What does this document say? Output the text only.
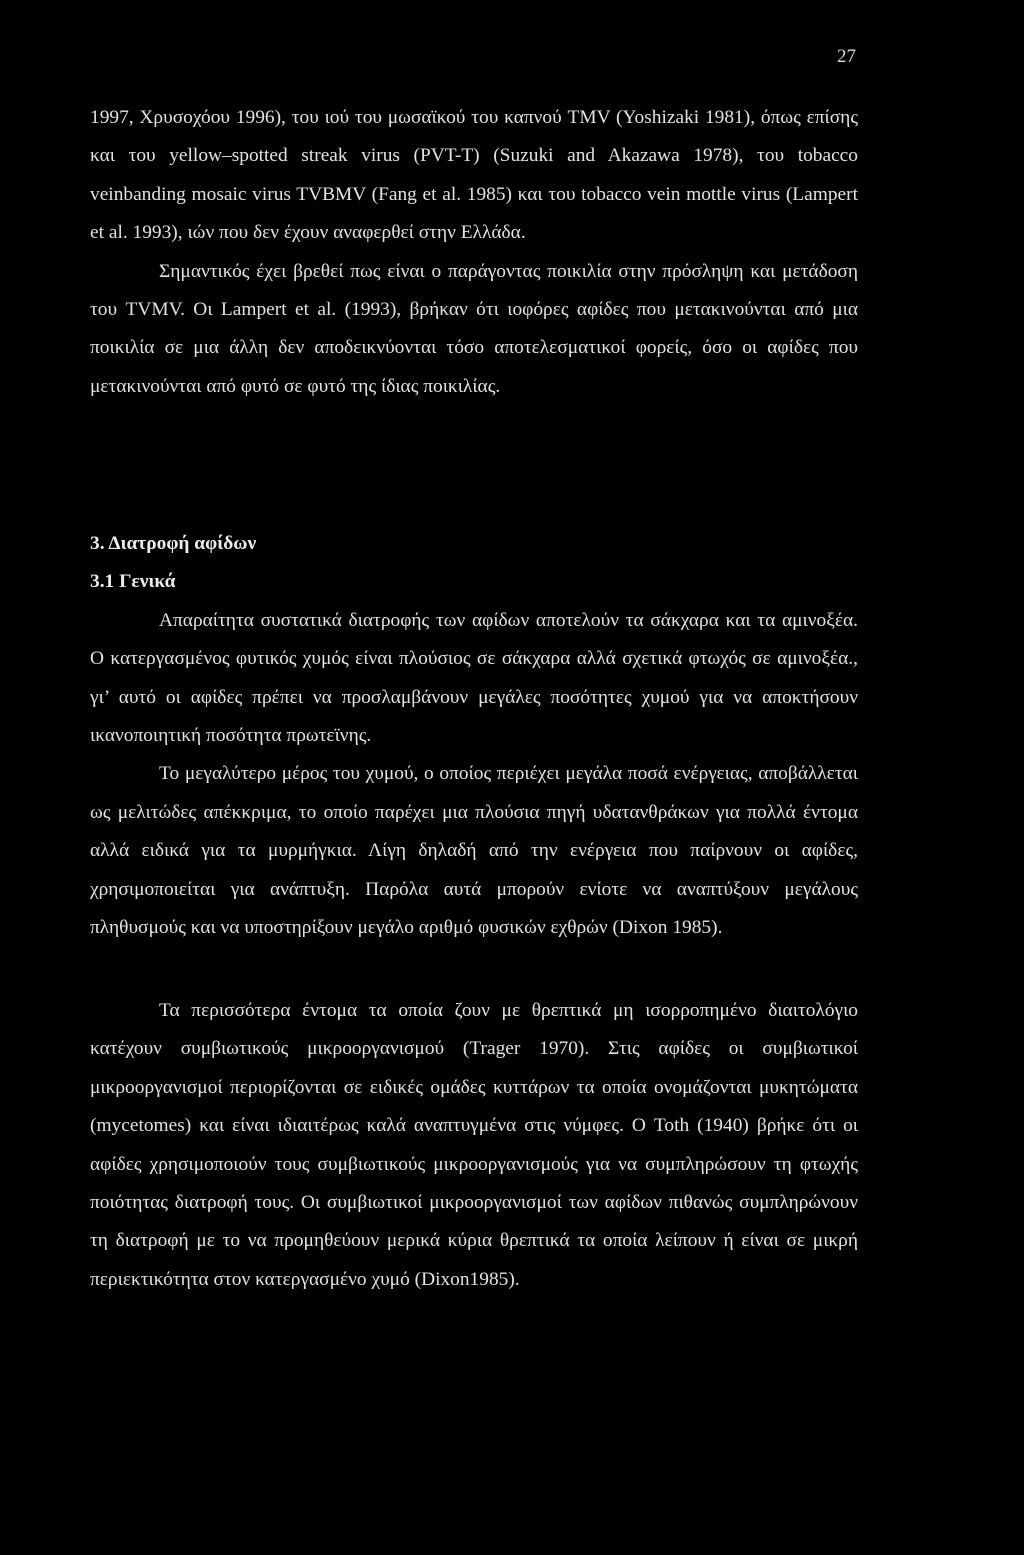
27

1997, Χρυσοχόου 1996), του ιού του μωσαϊκού του καπνού TMV (Yoshizaki 1981), όπως επίσης και του yellow–spotted streak virus (PVT-T) (Suzuki and Akazawa 1978), του tobacco veinbanding mosaic virus TVBMV (Fang et al. 1985) και του tobacco vein mottle virus (Lampert et al. 1993), ιών που δεν έχουν αναφερθεί στην Ελλάδα.

Σημαντικός έχει βρεθεί πως είναι ο παράγοντας ποικιλία στην πρόσληψη και μετάδοση του TVMV. Οι Lampert et al. (1993), βρήκαν ότι ιοφόρες αφίδες που μετακινούνται από μια ποικιλία σε μια άλλη δεν αποδεικνύονται τόσο αποτελεσματικοί φορείς, όσο οι αφίδες που μετακινούνται από φυτό σε φυτό της ίδιας ποικιλίας.

3. Διατροφή αφίδων
3.1 Γενικά

Απαραίτητα συστατικά διατροφής των αφίδων αποτελούν τα σάκχαρα και τα αμινοξέα. Ο κατεργασμένος φυτικός χυμός είναι πλούσιος σε σάκχαρα αλλά σχετικά φτωχός σε αμινοξέα., γι’ αυτό οι αφίδες πρέπει να προσλαμβάνουν μεγάλες ποσότητες χυμού για να αποκτήσουν ικανοποιητική ποσότητα πρωτεϊνης.

Το μεγαλύτερο μέρος του χυμού, ο οποίος περιέχει μεγάλα ποσά ενέργειας, αποβάλλεται ως μελιτώδες απέκκριμα, το οποίο παρέχει μια πλούσια πηγή υδατανθράκων για πολλά έντομα αλλά ειδικά για τα μυρμήγκια. Λίγη δηλαδή από την ενέργεια που παίρνουν οι αφίδες, χρησιμοποιείται για ανάπτυξη. Παρόλα αυτά μπορούν ενίοτε να αναπτύξουν μεγάλους πληθυσμούς και να υποστηρίξουν μεγάλο αριθμό φυσικών εχθρών (Dixon 1985).

Τα περισσότερα έντομα τα οποία ζουν με θρεπτικά μη ισορροπημένο διαιτολόγιο κατέχουν συμβιωτικούς μικροοργανισμού (Trager 1970). Στις αφίδες οι συμβιωτικοί μικροοργανισμοί περιορίζονται σε ειδικές ομάδες κυττάρων τα οποία ονομάζονται μυκητώματα (mycetomes) και είναι ιδιαιτέρως καλά αναπτυγμένα στις νύμφες. Ο Toth (1940) βρήκε ότι οι αφίδες χρησιμοποιούν τους συμβιωτικούς μικροοργανισμούς για να συμπληρώσουν τη φτωχής ποιότητας διατροφή τους. Οι συμβιωτικοί μικροοργανισμοί των αφίδων πιθανώς συμπληρώνουν τη διατροφή με το να προμηθεύουν μερικά κύρια θρεπτικά τα οποία λείπουν ή είναι σε μικρή περιεκτικότητα στον κατεργασμένο χυμό (Dixon1985).
